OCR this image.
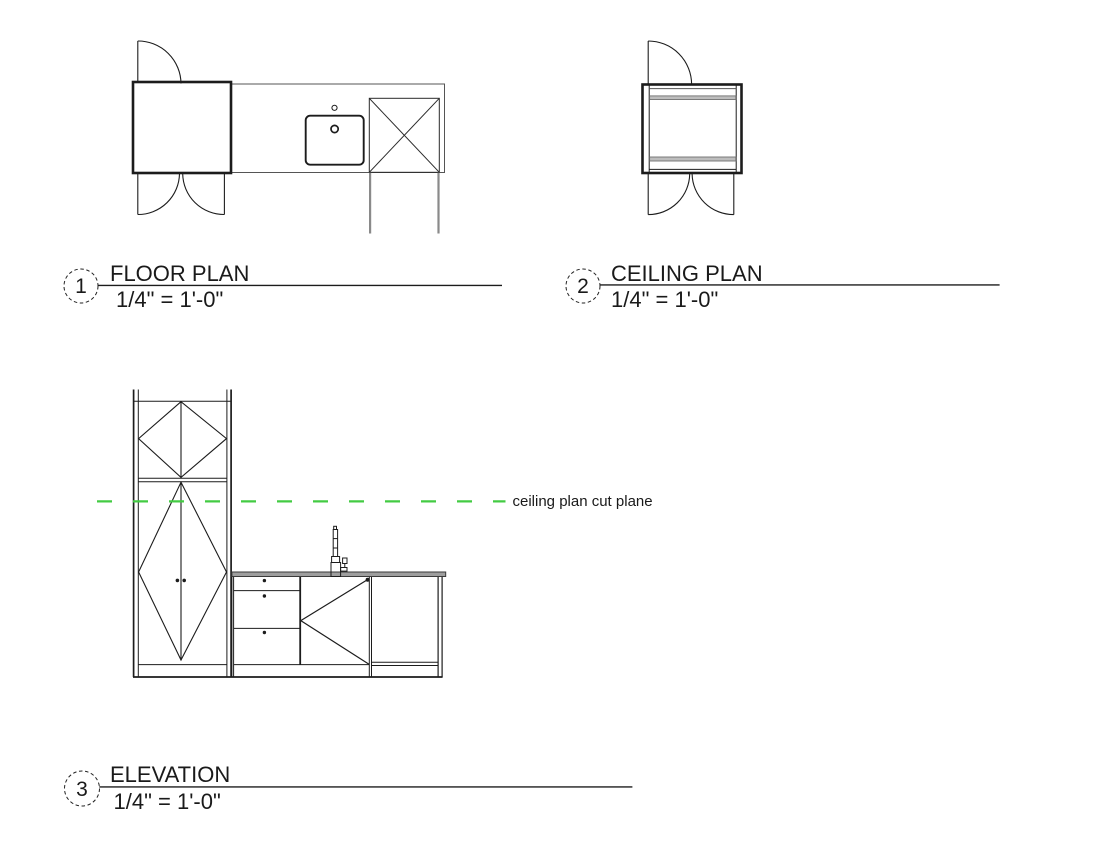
1
FLOOR PLAN
1/4" = 1'-0"	2
CEILING PLAN
1/4" = 1'-0"
3
ELEVATION
1/4" = 1'-0"
ceiling plan cut plane
